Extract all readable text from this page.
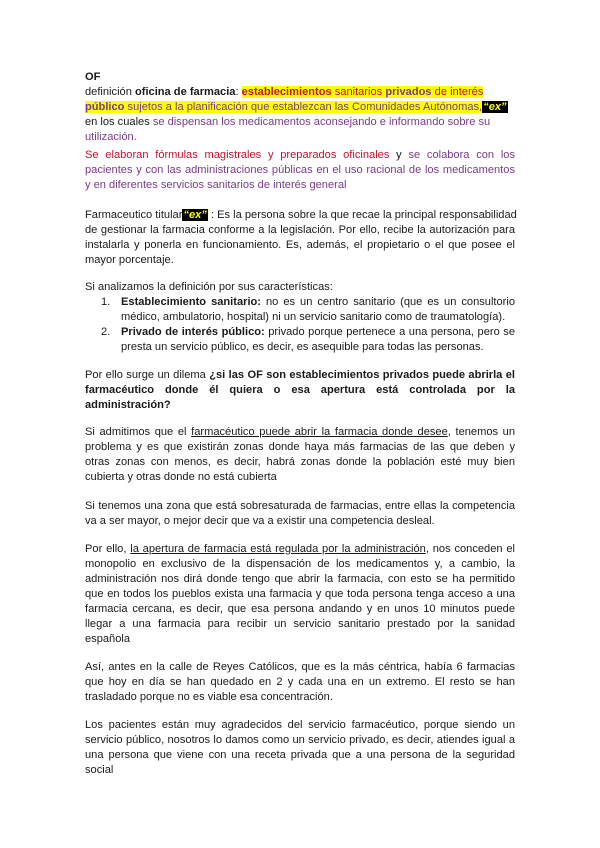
OF
definición oficina de farmacia: establecimientos sanitarios privados de interés
público sujetos a la planificación que establezcan las Comunidades Autónomas,“ex”
en los cuales se dispensan los medicamentos aconsejando e informando sobre su
utilización.
Se elaboran fórmulas magistrales y preparados oficinales y se colabora con los
pacientes y con las administraciones públicas en el uso racional de los medicamentos
y en diferentes servicios sanitarios de interés general
Farmaceutico titular“ex” : Es la persona sobre la que recae la principal responsabilidad
de gestionar la farmacia conforme a la legislación. Por ello, recibe la autorización para
instalarla y ponerla en funcionamiento. Es, además, el propietario o el que posee el
mayor porcentaje.
Si analizamos la definición por sus características:
1. Establecimiento sanitario: no es un centro sanitario (que es un consultorio
médico, ambulatorio, hospital) ni un servicio sanitario como de traumatología).
2. Privado de interés público: privado porque pertenece a una persona, pero se
presta un servicio público, es decir, es asequible para todas las personas.
Por ello surge un dilema ¿si las OF son establecimientos privados puede abrirla el
farmacéutico donde él quiera o esa apertura está controlada por la
administración?
Si admitimos que el farmacéutico puede abrir la farmacia donde desee, tenemos un
problema y es que existirán zonas donde haya más farmacias de las que deben y
otras zonas con menos, es decir, habrá zonas donde la población esté muy bien
cubierta y otras donde no está cubierta
Si tenemos una zona que está sobresaturada de farmacias, entre ellas la competencia
va a ser mayor, o mejor decir que va a existir una competencia desleal.
Por ello, la apertura de farmacia está regulada por la administración, nos conceden el
monopolio en exclusivo de la dispensación de los medicamentos y, a cambio, la
administración nos dirá donde tengo que abrir la farmacia, con esto se ha permitido
que en todos los pueblos exista una farmacia y que toda persona tenga acceso a una
farmacia cercana, es decir, que esa persona andando y en unos 10 minutos puede
llegar a una farmacia para recibir un servicio sanitario prestado por la sanidad
española
Así, antes en la calle de Reyes Católicos, que es la más céntrica, había 6 farmacias
que hoy en día se han quedado en 2 y cada una en un extremo. El resto se han
trasladado porque no es viable esa concentración.
Los pacientes están muy agradecidos del servicio farmacéutico, porque siendo un
servicio público, nosotros lo damos como un servicio privado, es decir, atiendes igual a
una persona que viene con una receta privada que a una persona de la seguridad
social
